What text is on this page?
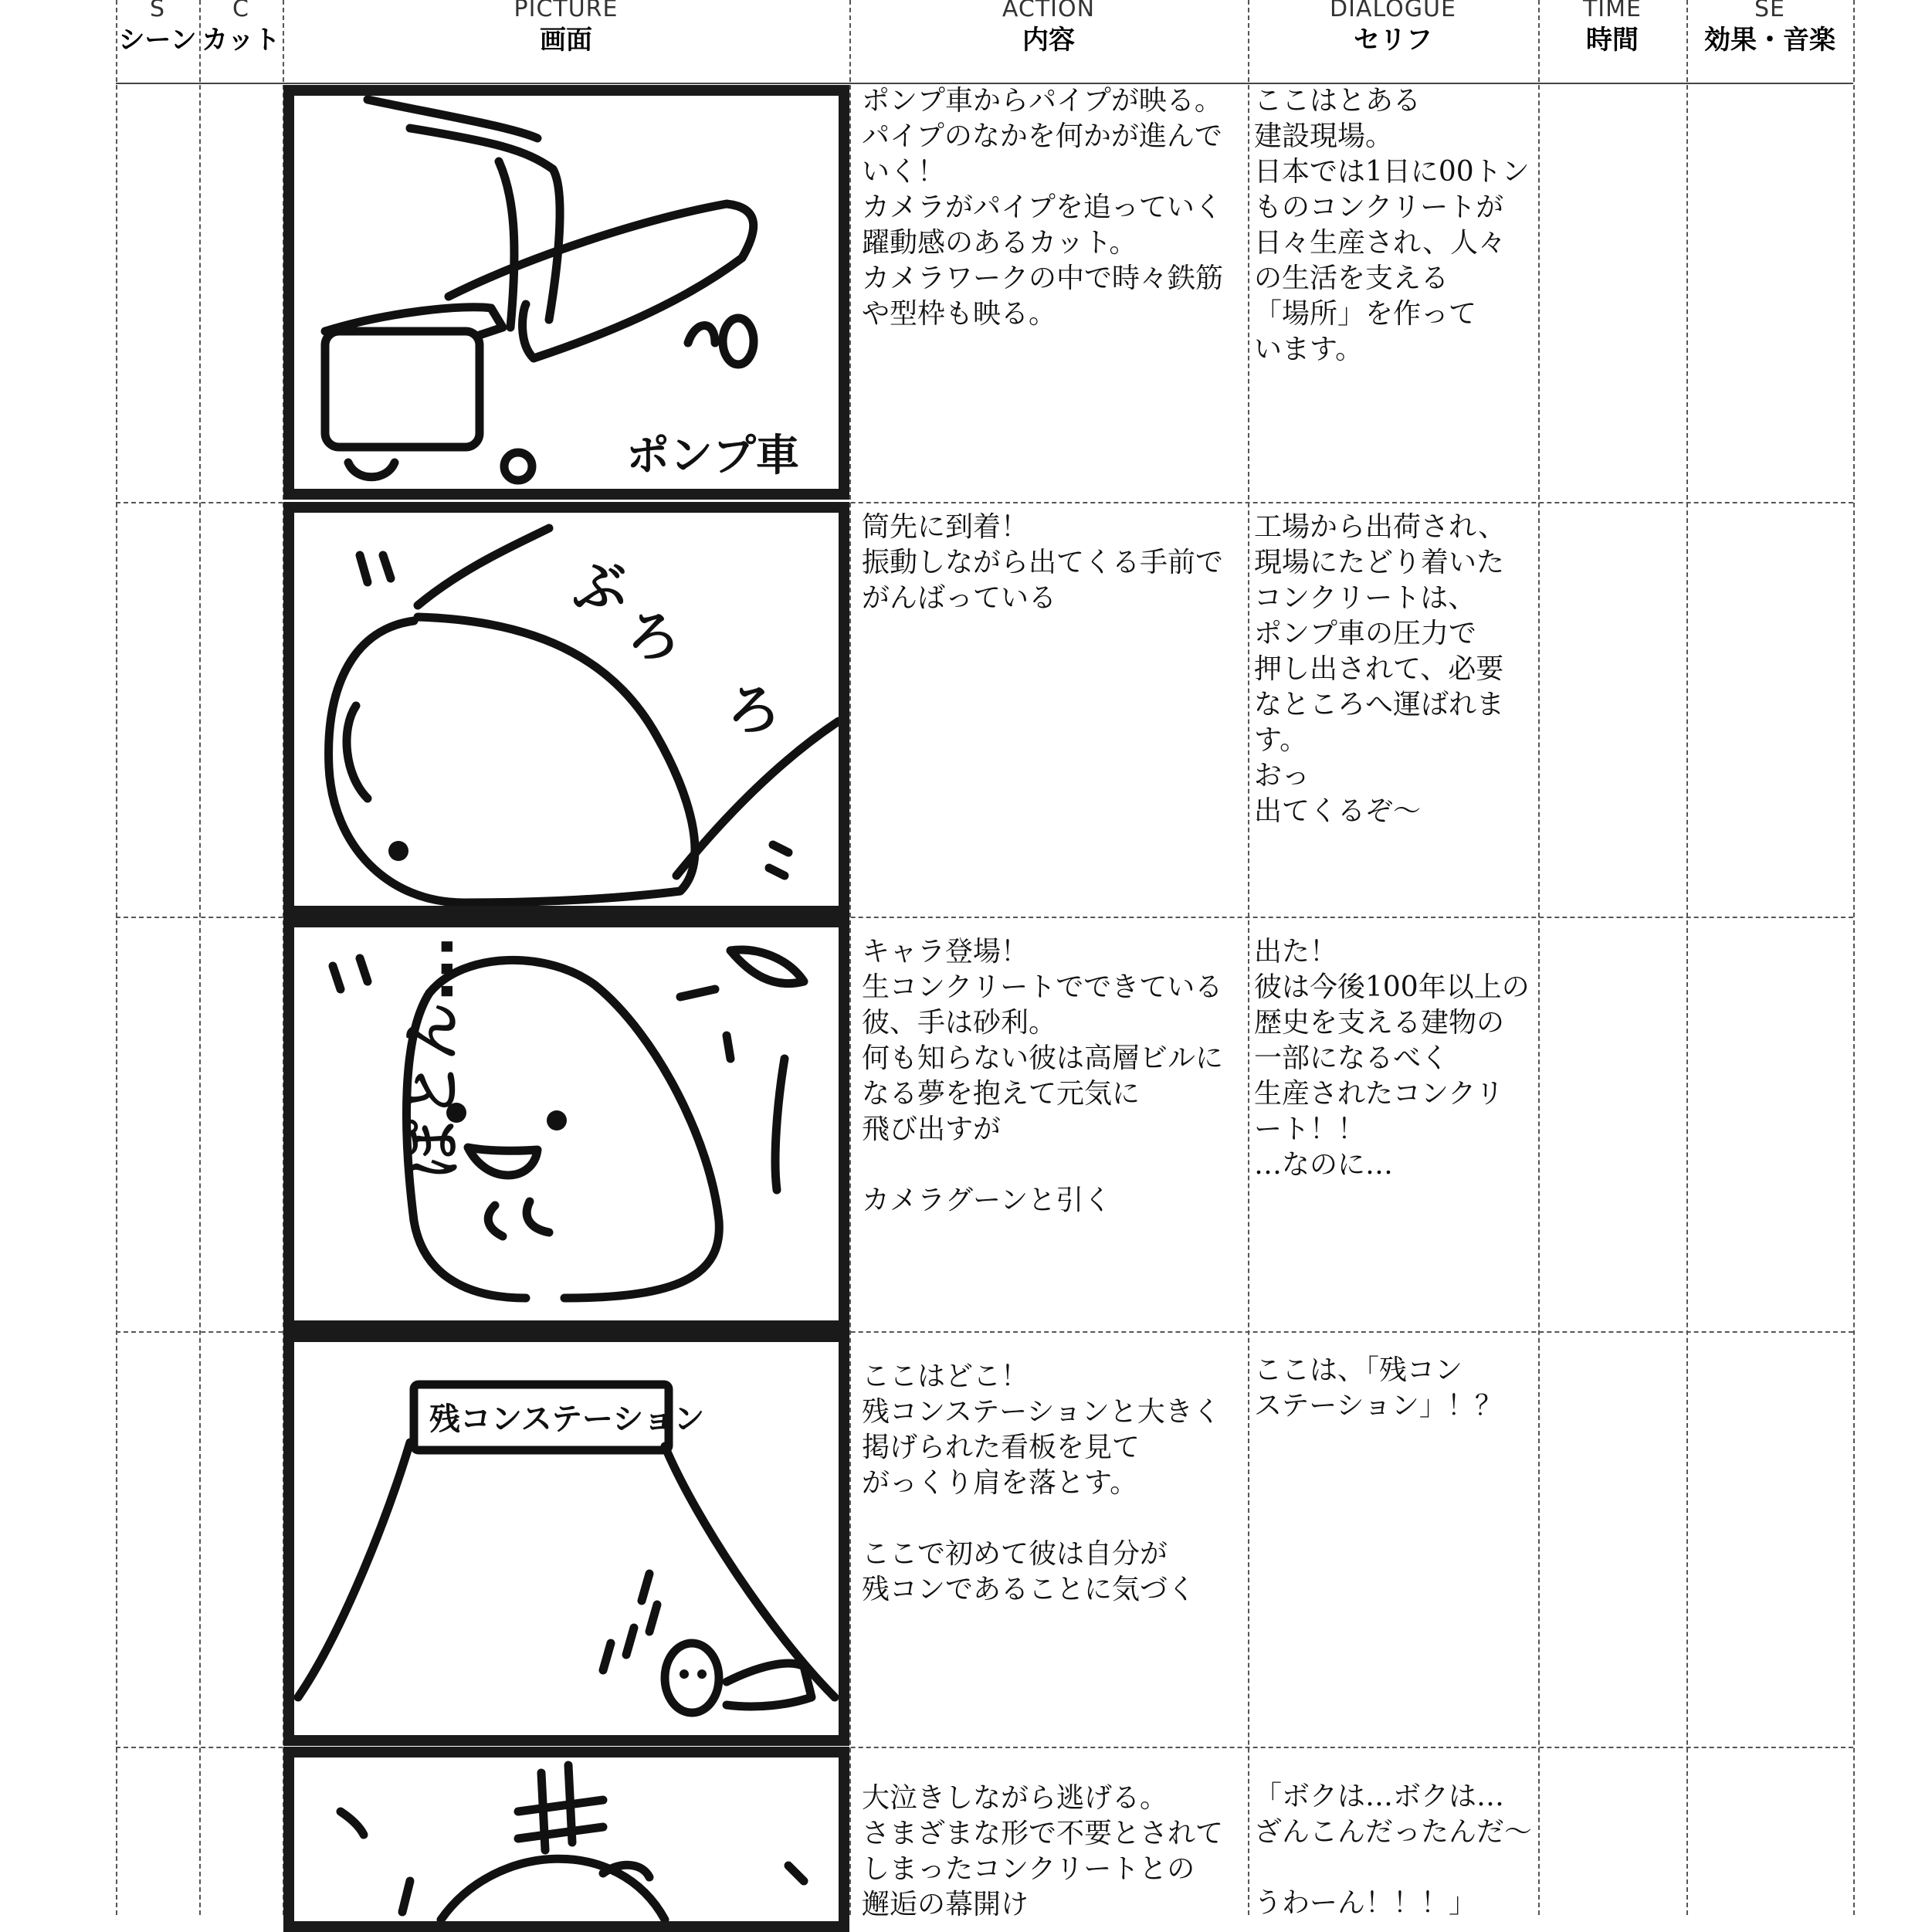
S
シーン
C
カット
PICTURE
画面
ACTION
内容
DIALOGUE
セリフ
TIME
時間
SE
効果・音楽
ポンプ車
ポンプ車からパイプが映る。
パイプのなかを何かが進んで
いく！
カメラがパイプを追っていく
躍動感のあるカット。
カメラワークの中で時々鉄筋
や型枠も映る。
ここはとある
建設現場。
日本では1日に00トン
ものコンクリートが
日々生産され、人々
の生活を支える
「場所」を作って
います。
ぶ
ろ
ろ
筒先に到着！
振動しながら出てくる手前で
がんばっている
工場から出荷され、
現場にたどり着いた
コンクリートは、
ポンプ車の圧力で
押し出されて、必要
なところへ運ばれます。
おっ
出てくるぞ〜
ぽとん...	キャラ登場！
生コンクリートでできている
彼、手は砂利。
何も知らない彼は高層ビルに
なる夢を抱えて元気に
飛び出すが

カメラグーンと引く
出た！
彼は今後100年以上の
歴史を支える建物の
一部になるべく
生産されたコンクリ
ート！！
…なのに…
残コンステーション
ここはどこ！
残コンステーションと大きく
掲げられた看板を見て
がっくり肩を落とす。

ここで初めて彼は自分が
残コンであることに気づく
ここは、「残コン
ステーション」！？
大泣きしながら逃げる。
さまざまな形で不要とされて
しまったコンクリートとの
邂逅の幕開け
「ボクは…ボクは…
ざんこんだったんだ〜

うわーん！！！」
